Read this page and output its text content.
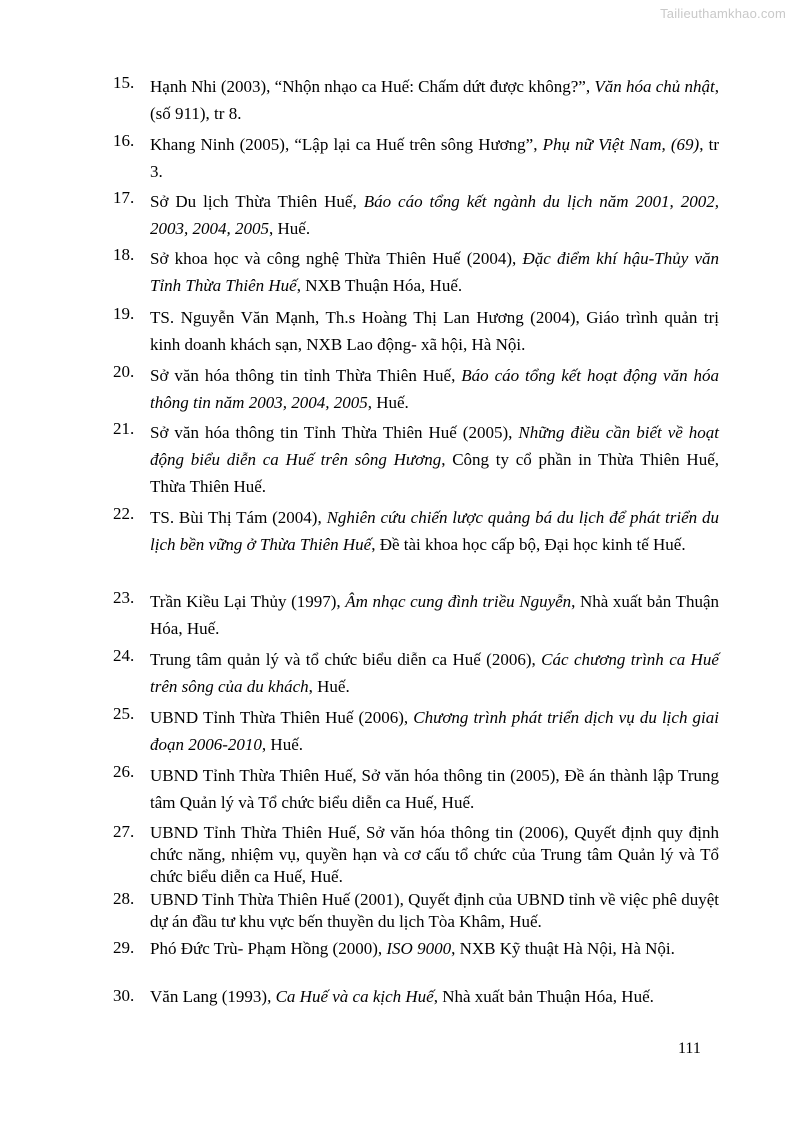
Tailieuthamkhao.com
15. Hạnh Nhi (2003), “Nhộn nhạo ca Huế: Chấm dứt được không?”, Văn hóa chủ nhật, (số 911), tr 8.
16. Khang Ninh (2005), “Lập lại ca Huế trên sông Hương”, Phụ nữ Việt Nam, (69), tr 3.
17. Sở Du lịch Thừa Thiên Huế, Báo cáo tổng kết ngành du lịch năm 2001, 2002, 2003, 2004, 2005, Huế.
18. Sở khoa học và công nghệ Thừa Thiên Huế (2004), Đặc điểm khí hậu-Thủy văn Tỉnh Thừa Thiên Huế, NXB Thuận Hóa, Huế.
19. TS. Nguyễn Văn Mạnh, Th.s Hoàng Thị Lan Hương (2004), Giáo trình quản trị kinh doanh khách sạn, NXB Lao động- xã hội, Hà Nội.
20. Sở văn hóa thông tin tỉnh Thừa Thiên Huế, Báo cáo tổng kết hoạt động văn hóa thông tin năm 2003, 2004, 2005, Huế.
21. Sở văn hóa thông tin Tỉnh Thừa Thiên Huế (2005), Những điều cần biết về hoạt động biểu diễn ca Huế trên sông Hương, Công ty cổ phần in Thừa Thiên Huế, Thừa Thiên Huế.
22. TS. Bùi Thị Tám (2004), Nghiên cứu chiến lược quảng bá du lịch để phát triển du lịch bền vững ở Thừa Thiên Huế, Đề tài khoa học cấp bộ, Đại học kinh tế Huế.
23. Trần Kiều Lại Thủy (1997), Âm nhạc cung đình triều Nguyễn, Nhà xuất bản Thuận Hóa, Huế.
24. Trung tâm quản lý và tổ chức biểu diễn ca Huế (2006), Các chương trình ca Huế trên sông của du khách, Huế.
25. UBND Tỉnh Thừa Thiên Huế (2006), Chương trình phát triển dịch vụ du lịch giai đoạn 2006-2010, Huế.
26. UBND Tỉnh Thừa Thiên Huế, Sở văn hóa thông tin (2005), Đề án thành lập Trung tâm Quản lý và Tổ chức biểu diễn ca Huế, Huế.
27. UBND Tỉnh Thừa Thiên Huế, Sở văn hóa thông tin (2006), Quyết định quy định chức năng, nhiệm vụ, quyền hạn và cơ cấu tổ chức của Trung tâm Quản lý và Tổ chức biểu diễn ca Huế, Huế.
28. UBND Tỉnh Thừa Thiên Huế (2001), Quyết định của UBND tỉnh về việc phê duyệt dự án đầu tư khu vực bến thuyền du lịch Tòa Khâm, Huế.
29. Phó Đức Trù- Phạm Hồng (2000), ISO 9000, NXB Kỹ thuật Hà Nội, Hà Nội.
30. Văn Lang (1993), Ca Huế và ca kịch Huế, Nhà xuất bản Thuận Hóa, Huế.
111
